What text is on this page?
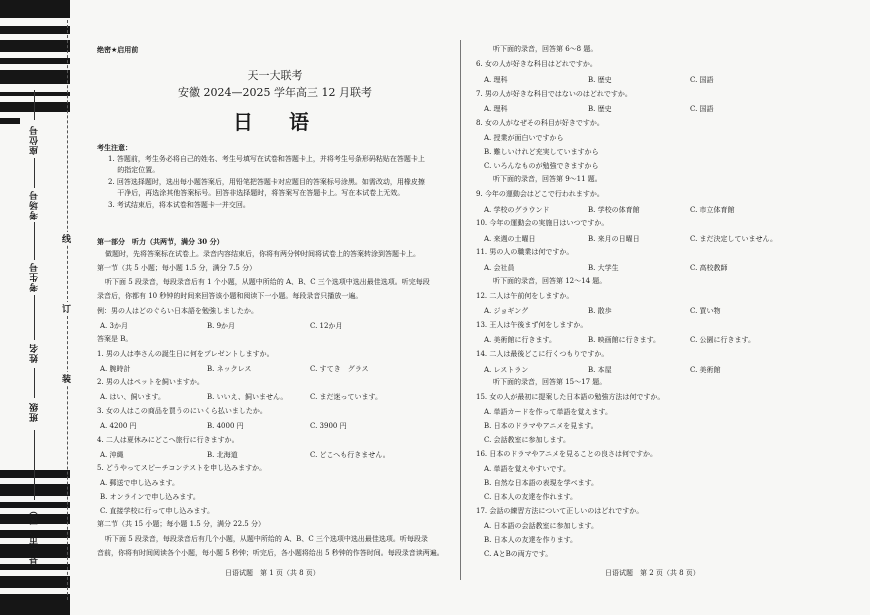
座位号
考场号
考生号
姓名
班级
县（市、区）
线
订
装
绝密★启用前
天一大联考
安徽 2024—2025 学年高三 12 月联考
日　语
考生注意：
1. 答题前，考生务必将自己的姓名、考生号填写在试卷和答题卡上，并将考生号条形码粘贴在答题卡上
　 的指定位置。
2. 回答选择题时，选出每小题答案后，用铅笔把答题卡对应题目的答案标号涂黑。如需改动，用橡皮擦
　 干净后，再选涂其他答案标号。回答非选择题时，将答案写在答题卡上。写在本试卷上无效。
3. 考试结束后，将本试卷和答题卡一并交回。
第一部分　听力（共两节，满分 30 分）
做题时，先将答案标在试卷上。录音内容结束后，你将有两分钟时间将试卷上的答案转涂到答题卡上。
第一节（共 5 小题；每小题 1.5 分，满分 7.5 分）
听下面 5 段录音，每段录音后有 1 个小题，从题中所给的 A、B、C 三个选项中选出最佳选项。听完每段
录音后，你都有 10 秒钟的时间来回答该小题和阅读下一小题。每段录音只播放一遍。
例：男の人はどのぐらい日本語を勉強しましたか。
A. 3か月	B. 9か月	C. 12か月
答案是 B。
1. 男の人は李さんの誕生日に何をプレゼントしますか。
A. 腕時計	B. ネックレス	C. すてき　グラス
2. 男の人はペットを飼いますか。
A. はい、飼います。	B. いいえ、飼いません。	C. まだ迷っています。
3. 女の人はこの商品を買うのにいくら払いましたか。
A. 4200 円	B. 4000 円	C. 3900 円
4. 二人は夏休みにどこへ旅行に行きますか。
A. 沖縄	B. 北海道	C. どこへも行きません。
5. どうやってスピーチコンテストを申し込みますか。
A. 郵送で申し込みます。
B. オンラインで申し込みます。
C. 直接学校に行って申し込みます。
第二节（共 15 小题；每小题 1.5 分，满分 22.5 分）
听下面 5 段录音，每段录音后有几个小题，从题中所给的 A、B、C 三个选项中选出最佳选项。听每段录
音前，你将有时间阅读各个小题，每小题 5 秒钟；听完后，各小题将给出 5 秒钟的作答时间。每段录音读两遍。
日语试题　第 1 页（共 8 页）
听下面的录音，回答第 6～8 题。
6. 女の人が好きな科目はどれですか。
A. 理科	B. 歴史	C. 国語
7. 男の人が好きな科目ではないのはどれですか。
A. 理科	B. 歴史	C. 国語
8. 女の人がなぜその科目が好きですか。
A. 授業が面白いですから
B. 難しいけれど充実していますから
C. いろんなものが勉強できますから
听下面的录音，回答第 9～11 题。
9. 今年の運動会はどこで行われますか。
A. 学校のグラウンド	B. 学校の体育館	C. 市立体育館
10. 今年の運動会の実施日はいつですか。
A. 来週の土曜日	B. 来月の日曜日	C. まだ決定していません。
11. 男の人の職業は何ですか。
A. 会社員	B. 大学生	C. 高校教師
听下面的录音，回答第 12～14 题。
12. 二人は午前何をしますか。
A. ジョギング	B. 散歩	C. 買い物
13. 王人は午後まず何をしますか。
A. 美術館に行きます。	B. 映画館に行きます。	C. 公園に行きます。
14. 二人は最後どこに行くつもりですか。
A. レストラン	B. 本屋	C. 美術館
听下面的录音，回答第 15～17 题。
15. 女の人が最初に提案した日本語の勉強方法は何ですか。
A. 単語カードを作って単語を覚えます。
B. 日本のドラマやアニメを見ます。
C. 会話教室に参加します。
16. 日本のドラマやアニメを見ることの良さは何ですか。
A. 単語を覚えやすいです。
B. 自然な日本語の表現を学べます。
C. 日本人の友達を作れます。
17. 会話の練習方法について正しいのはどれですか。
A. 日本語の会話教室に参加します。
B. 日本人の友達を作ります。
C. AとBの両方です。
日语试题　第 2 页（共 8 页）
